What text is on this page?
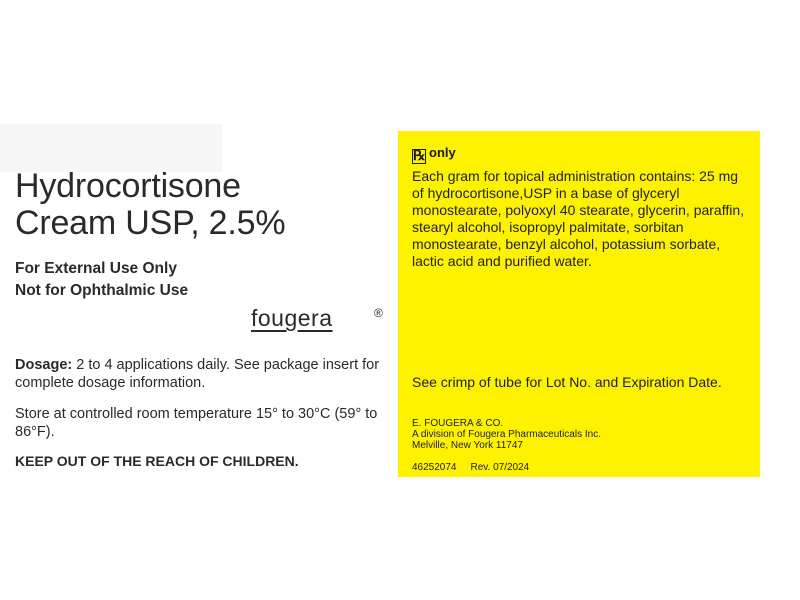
Hydrocortisone
Cream USP, 2.5%
For External Use Only
Not for Ophthalmic Use
fougera	®

Dosage: 2 to 4 applications daily. See package insert for complete dosage information.

Store at controlled room temperature 15° to 30°C (59° to 86°F).

KEEP OUT OF THE REACH OF CHILDREN.

℞ only

Each gram for topical administration contains: 25 mg of hydrocortisone,USP in a base of glyceryl monostearate, polyoxyl 40 stearate, glycerin, paraffin, stearyl alcohol, isopropyl palmitate, sorbitan monostearate, benzyl alcohol, potassium sorbate, lactic acid and purified water.

See crimp of tube for Lot No. and Expiration Date.

E. FOUGERA & CO.
A division of Fougera Pharmaceuticals Inc.
Melville, New York 11747
46252074 Rev. 07/2024
